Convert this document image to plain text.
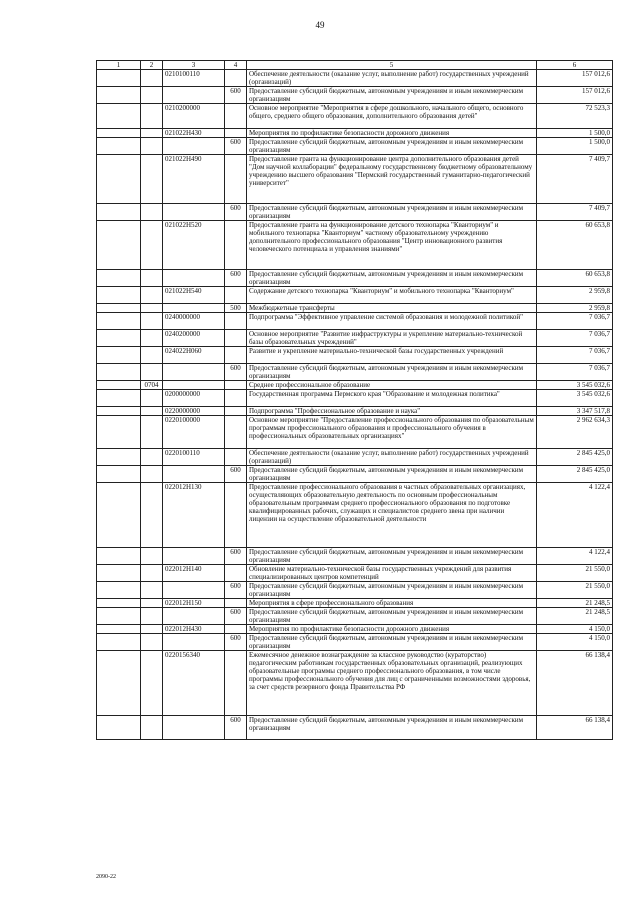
49
1	2	3	4	5	6
		0210100110		Обеспечение деятельности (оказание услуг, выполнение работ) государственных учреждений (организаций)	157 012,6
			600	Предоставление субсидий бюджетным, автономным учреждениям и иным некоммерческим организациям	157 012,6
		0210200000		Основное мероприятие "Мероприятия в сфере дошкольного, начального общего, основного общего, среднего общего образования, дополнительного образования детей"	72 523,3
		021022Н430		Мероприятия по профилактике безопасности дорожного движения	1 500,0
			600	Предоставление субсидий бюджетным, автономным учреждениям и иным некоммерческим организациям	1 500,0
		021022Н490		Предоставление гранта на функционирование центра дополнительного образования детей "Дом научной коллаборации" федеральному государственному бюджетному образовательному учреждению высшего образования "Пермский государственный гуманитарно-педагогический университет"	7 409,7
			600	Предоставление субсидий бюджетным, автономным учреждениям и иным некоммерческим организациям	7 409,7
		021022Н520		Предоставление гранта на функционирование детского технопарка "Кванториум" и мобильного технопарка "Кванториум" частному образовательному учреждению дополнительного профессионального образования "Центр инновационного развития человеческого потенциала и управления знаниями"	60 653,8
			600	Предоставление субсидий бюджетным, автономным учреждениям и иным некоммерческим организациям	60 653,8
		021022Н540		Содержание детского технопарка "Кванториум" и мобильного технопарка "Кванториум"	2 959,8
			500	Межбюджетные трансферты	2 959,8
		0240000000		Подпрограмма "Эффективное управление системой образования и молодежной политикой"	7 036,7
		0240200000		Основное мероприятие "Развитие инфраструктуры и укрепление материально-технической базы образовательных учреждений"	7 036,7
		024022Н060		Развитие и укрепление материально-технической базы государственных учреждений	7 036,7
			600	Предоставление субсидий бюджетным, автономным учреждениям и иным некоммерческим организациям	7 036,7
	0704			Среднее профессиональное образование	3 545 032,6
		0200000000		Государственная программа Пермского края "Образование и молодежная политика"	3 545 032,6
		0220000000		Подпрограмма "Профессиональное образование и наука"	3 347 517,8
		0220100000		Основное мероприятие "Предоставление профессионального образования по образовательным программам профессионального образования и профессионального обучения в профессиональных образовательных организациях"	2 962 634,3
		0220100110		Обеспечение деятельности (оказание услуг, выполнение работ) государственных учреждений (организаций)	2 845 425,0
			600	Предоставление субсидий бюджетным, автономным учреждениям и иным некоммерческим организациям	2 845 425,0
		022012Н130		Предоставление профессионального образования в частных образовательных организациях, осуществляющих образовательную деятельность по основным профессиональным образовательным программам среднего профессионального образования по подготовке квалифицированных рабочих, служащих и специалистов среднего звена при наличии лицензии на осуществление образовательной деятельности	4 122,4
			600	Предоставление субсидий бюджетным, автономным учреждениям и иным некоммерческим организациям	4 122,4
		022012Н140		Обновление материально-технической базы государственных учреждений для развития специализированных центров компетенций	21 550,0
			600	Предоставление субсидий бюджетным, автономным учреждениям и иным некоммерческим организациям	21 550,0
		022012Н150		Мероприятия в сфере профессионального образования	21 248,5
			600	Предоставление субсидий бюджетным, автономным учреждениям и иным некоммерческим организациям	21 248,5
		022012Н430		Мероприятия по профилактике безопасности дорожного движения	4 150,0
			600	Предоставление субсидий бюджетным, автономным учреждениям и иным некоммерческим организациям	4 150,0
		0220156340		Ежемесячное денежное вознаграждение за классное руководство (кураторство) педагогическим работникам государственных образовательных организаций, реализующих образовательные программы среднего профессионального образования, в том числе программы профессионального обучения для лиц с ограниченными возможностями здоровья, за счет средств резервного фонда Правительства РФ	66 138,4
			600	Предоставление субсидий бюджетным, автономным учреждениям и иным некоммерческим организациям	66 138,4
2090-22
